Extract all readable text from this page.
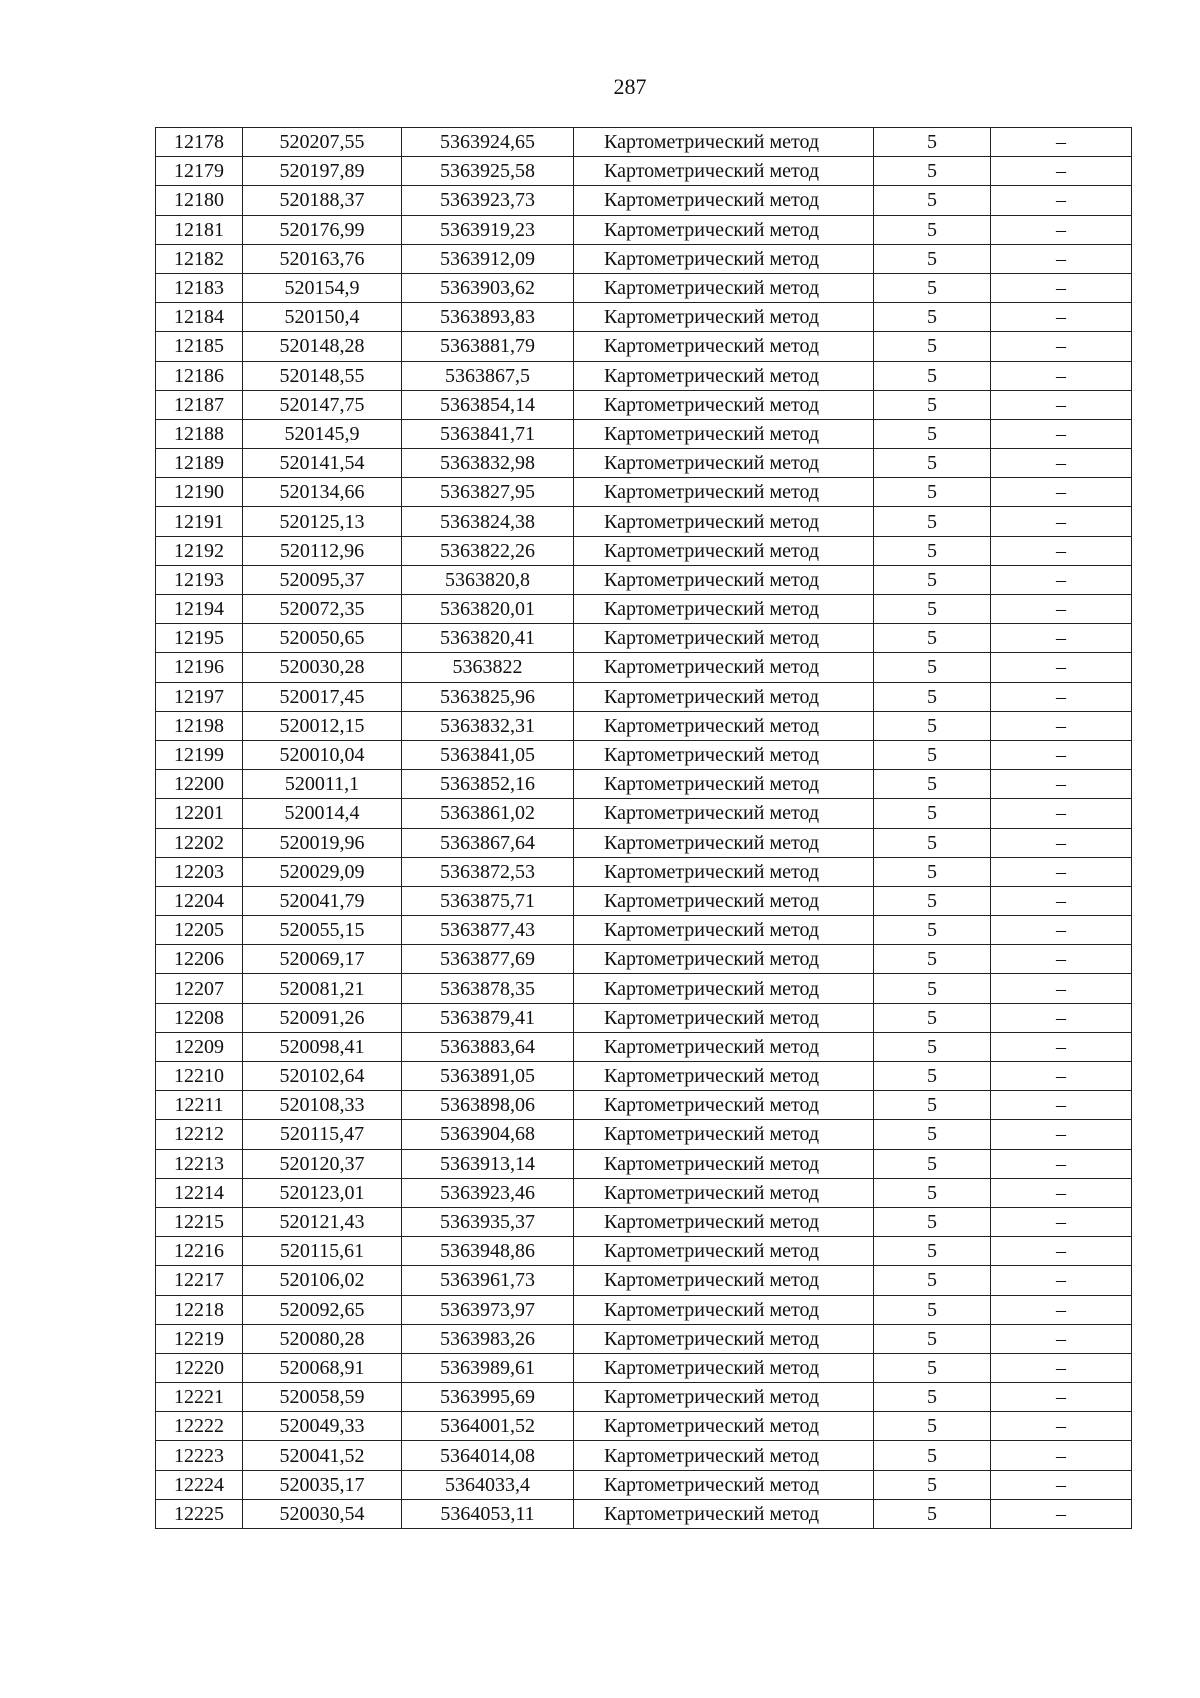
287
12178	520207,55	5363924,65	Картометрический метод	5	–
12179	520197,89	5363925,58	Картометрический метод	5	–
12180	520188,37	5363923,73	Картометрический метод	5	–
12181	520176,99	5363919,23	Картометрический метод	5	–
12182	520163,76	5363912,09	Картометрический метод	5	–
12183	520154,9	5363903,62	Картометрический метод	5	–
12184	520150,4	5363893,83	Картометрический метод	5	–
12185	520148,28	5363881,79	Картометрический метод	5	–
12186	520148,55	5363867,5	Картометрический метод	5	–
12187	520147,75	5363854,14	Картометрический метод	5	–
12188	520145,9	5363841,71	Картометрический метод	5	–
12189	520141,54	5363832,98	Картометрический метод	5	–
12190	520134,66	5363827,95	Картометрический метод	5	–
12191	520125,13	5363824,38	Картометрический метод	5	–
12192	520112,96	5363822,26	Картометрический метод	5	–
12193	520095,37	5363820,8	Картометрический метод	5	–
12194	520072,35	5363820,01	Картометрический метод	5	–
12195	520050,65	5363820,41	Картометрический метод	5	–
12196	520030,28	5363822	Картометрический метод	5	–
12197	520017,45	5363825,96	Картометрический метод	5	–
12198	520012,15	5363832,31	Картометрический метод	5	–
12199	520010,04	5363841,05	Картометрический метод	5	–
12200	520011,1	5363852,16	Картометрический метод	5	–
12201	520014,4	5363861,02	Картометрический метод	5	–
12202	520019,96	5363867,64	Картометрический метод	5	–
12203	520029,09	5363872,53	Картометрический метод	5	–
12204	520041,79	5363875,71	Картометрический метод	5	–
12205	520055,15	5363877,43	Картометрический метод	5	–
12206	520069,17	5363877,69	Картометрический метод	5	–
12207	520081,21	5363878,35	Картометрический метод	5	–
12208	520091,26	5363879,41	Картометрический метод	5	–
12209	520098,41	5363883,64	Картометрический метод	5	–
12210	520102,64	5363891,05	Картометрический метод	5	–
12211	520108,33	5363898,06	Картометрический метод	5	–
12212	520115,47	5363904,68	Картометрический метод	5	–
12213	520120,37	5363913,14	Картометрический метод	5	–
12214	520123,01	5363923,46	Картометрический метод	5	–
12215	520121,43	5363935,37	Картометрический метод	5	–
12216	520115,61	5363948,86	Картометрический метод	5	–
12217	520106,02	5363961,73	Картометрический метод	5	–
12218	520092,65	5363973,97	Картометрический метод	5	–
12219	520080,28	5363983,26	Картометрический метод	5	–
12220	520068,91	5363989,61	Картометрический метод	5	–
12221	520058,59	5363995,69	Картометрический метод	5	–
12222	520049,33	5364001,52	Картометрический метод	5	–
12223	520041,52	5364014,08	Картометрический метод	5	–
12224	520035,17	5364033,4	Картометрический метод	5	–
12225	520030,54	5364053,11	Картометрический метод	5	–
